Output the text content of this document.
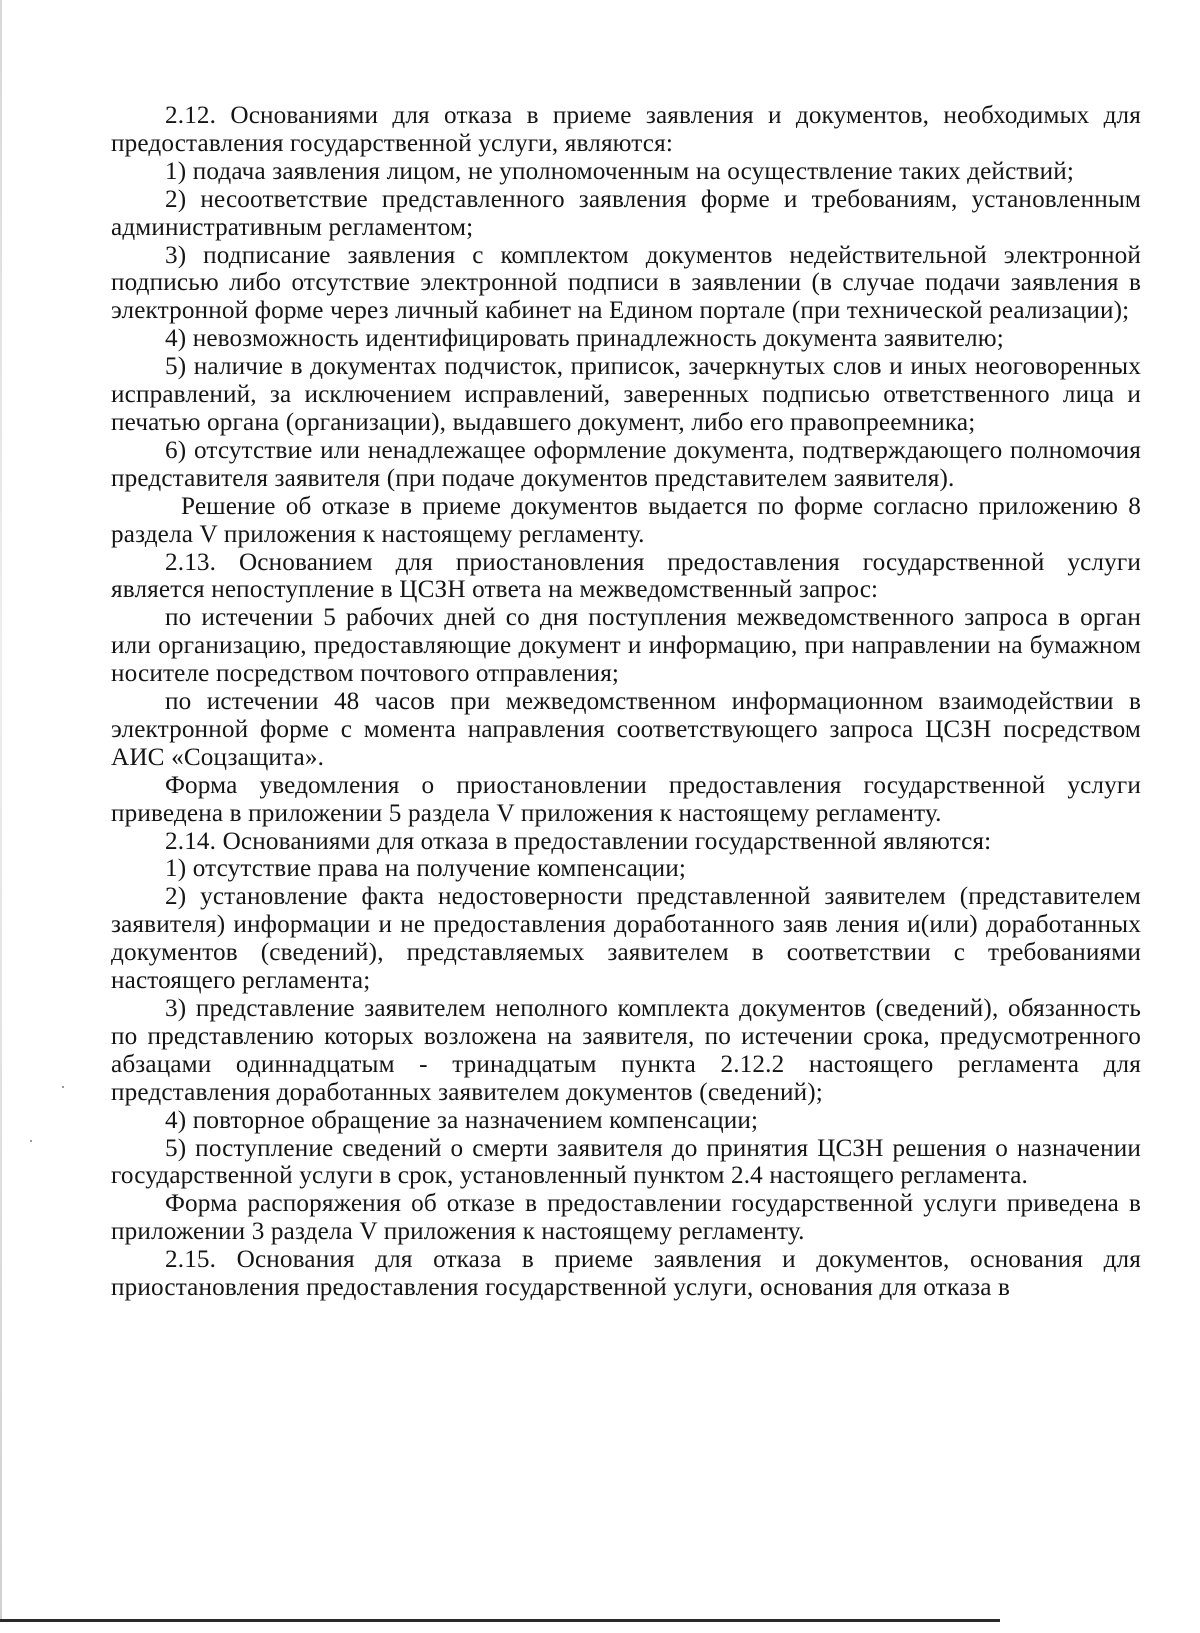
2.12. Основаниями для отказа в приеме заявления и документов, необходимых для предоставления государственной услуги, являются:

1) подача заявления лицом, не уполномоченным на осуществление таких действий;

2) несоответствие представленного заявления форме и требованиям, установленным административным регламентом;

3) подписание заявления с комплектом документов недействительной электронной подписью либо отсутствие электронной подписи в заявлении (в случае подачи заявления в электронной форме через личный кабинет на Едином портале (при технической реализации);

4) невозможность идентифицировать принадлежность документа заявителю;

5) наличие в документах подчисток, приписок, зачеркнутых слов и иных неоговоренных исправлений, за исключением исправлений, заверенных подписью ответственного лица и печатью органа (организации), выдавшего документ, либо его правопреемника;

6) отсутствие или ненадлежащее оформление документа, подтверждающего полномочия представителя заявителя (при подаче документов представителем заявителя).

Решение об отказе в приеме документов выдается по форме согласно приложению 8 раздела V приложения к настоящему регламенту.

2.13. Основанием для приостановления предоставления государственной услуги является непоступление в ЦСЗН ответа на межведомственный запрос:

по истечении 5 рабочих дней со дня поступления межведомственного запроса в орган или организацию, предоставляющие документ и информацию, при направлении на бумажном носителе посредством почтового отправления;

по истечении 48 часов при межведомственном информационном взаимодействии в электронной форме с момента направления соответствующего запроса ЦСЗН посредством АИС «Соцзащита».

Форма уведомления о приостановлении предоставления государственной услуги приведена в приложении 5 раздела V приложения к настоящему регламенту.

2.14. Основаниями для отказа в предоставлении государственной являются:

1) отсутствие права на получение компенсации;

2) установление факта недостоверности представленной заявителем (представителем заявителя) информации и не предоставления доработанного заяв ления и(или) доработанных документов (сведений), представляемых заявителем в соответствии с требованиями настоящего регламента;

3) представление заявителем неполного комплекта документов (сведений), обязанность по представлению которых возложена на заявителя, по истечении срока, предусмотренного абзацами одиннадцатым - тринадцатым пункта 2.12.2 настоящего регламента для представления доработанных заявителем документов (сведений);

4) повторное обращение за назначением компенсации;

5) поступление сведений о смерти заявителя до принятия ЦСЗН решения о назначении государственной услуги в срок, установленный пунктом 2.4 настоящего регламента.

Форма распоряжения об отказе в предоставлении государственной услуги приведена в приложении 3 раздела V приложения к настоящему регламенту.

2.15. Основания для отказа в приеме заявления и документов, основания для приостановления предоставления государственной услуги, основания для отказа в
